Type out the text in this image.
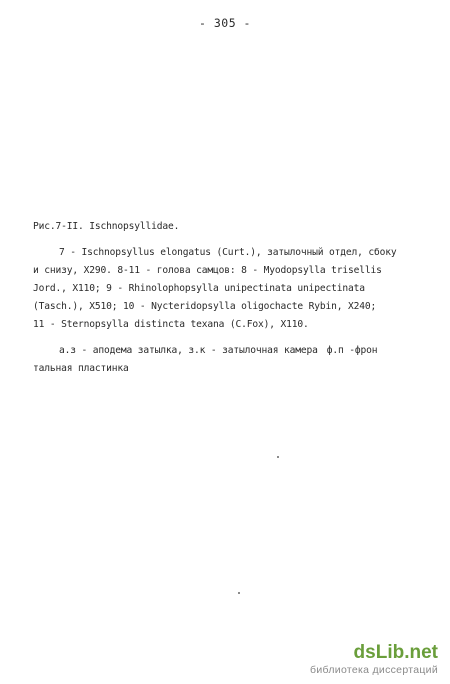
- 305 -
Рис.7-II. Ischnopsyllidae.
7 - Ischnopsyllus elongatus (Curt.), затылочный отдел, сбоку
и снизу, X290. 8-11 - голова самцов: 8 - Myodopsylla trisellis
Jord., X110; 9 - Rhinolophopsylla unipectinata unipectinata
(Tasch.), X510; 10 - Nycteridopsylla oligochacte Rybin, X240;
11 - Sternopsylla distincta texana (C.Fox), X110.
а.з - аподема затылка, з.к - затылочная камера ф.п -фрон
тальная пластинка
dsLib.net
библиотека диссертаций
